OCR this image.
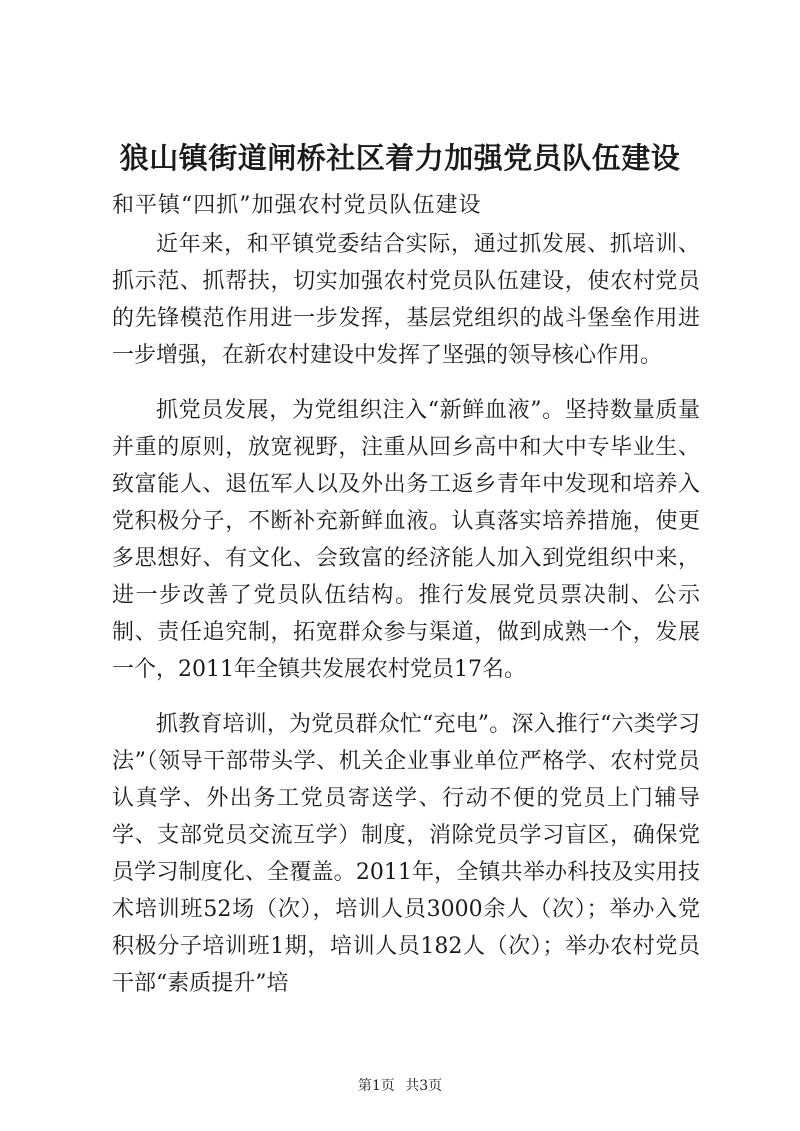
狼山镇街道闸桥社区着力加强党员队伍建设

和平镇“四抓”加强农村党员队伍建设

近年来，和平镇党委结合实际，通过抓发展、抓培训、抓示范、抓帮扶，切实加强农村党员队伍建设，使农村党员的先锋模范作用进一步发挥，基层党组织的战斗堡垒作用进一步增强，在新农村建设中发挥了坚强的领导核心作用。

抓党员发展，为党组织注入“新鲜血液”。坚持数量质量并重的原则，放宽视野，注重从回乡高中和大中专毕业生、致富能人、退伍军人以及外出务工返乡青年中发现和培养入党积极分子，不断补充新鲜血液。认真落实培养措施，使更多思想好、有文化、会致富的经济能人加入到党组织中来，进一步改善了党员队伍结构。推行发展党员票决制、公示制、责任追究制，拓宽群众参与渠道，做到成熟一个，发展一个，2011年全镇共发展农村党员17名。

抓教育培训，为党员群众忙“充电”。深入推行“六类学习法”（领导干部带头学、机关企业事业单位严格学、农村党员认真学、外出务工党员寄送学、行动不便的党员上门辅导学、支部党员交流互学）制度，消除党员学习盲区，确保党员学习制度化、全覆盖。2011年，全镇共举办科技及实用技术培训班52场（次），培训人员3000余人（次）；举办入党积极分子培训班1期，培训人员182人（次）；举办农村党员干部“素质提升”培

第1页 共3页
